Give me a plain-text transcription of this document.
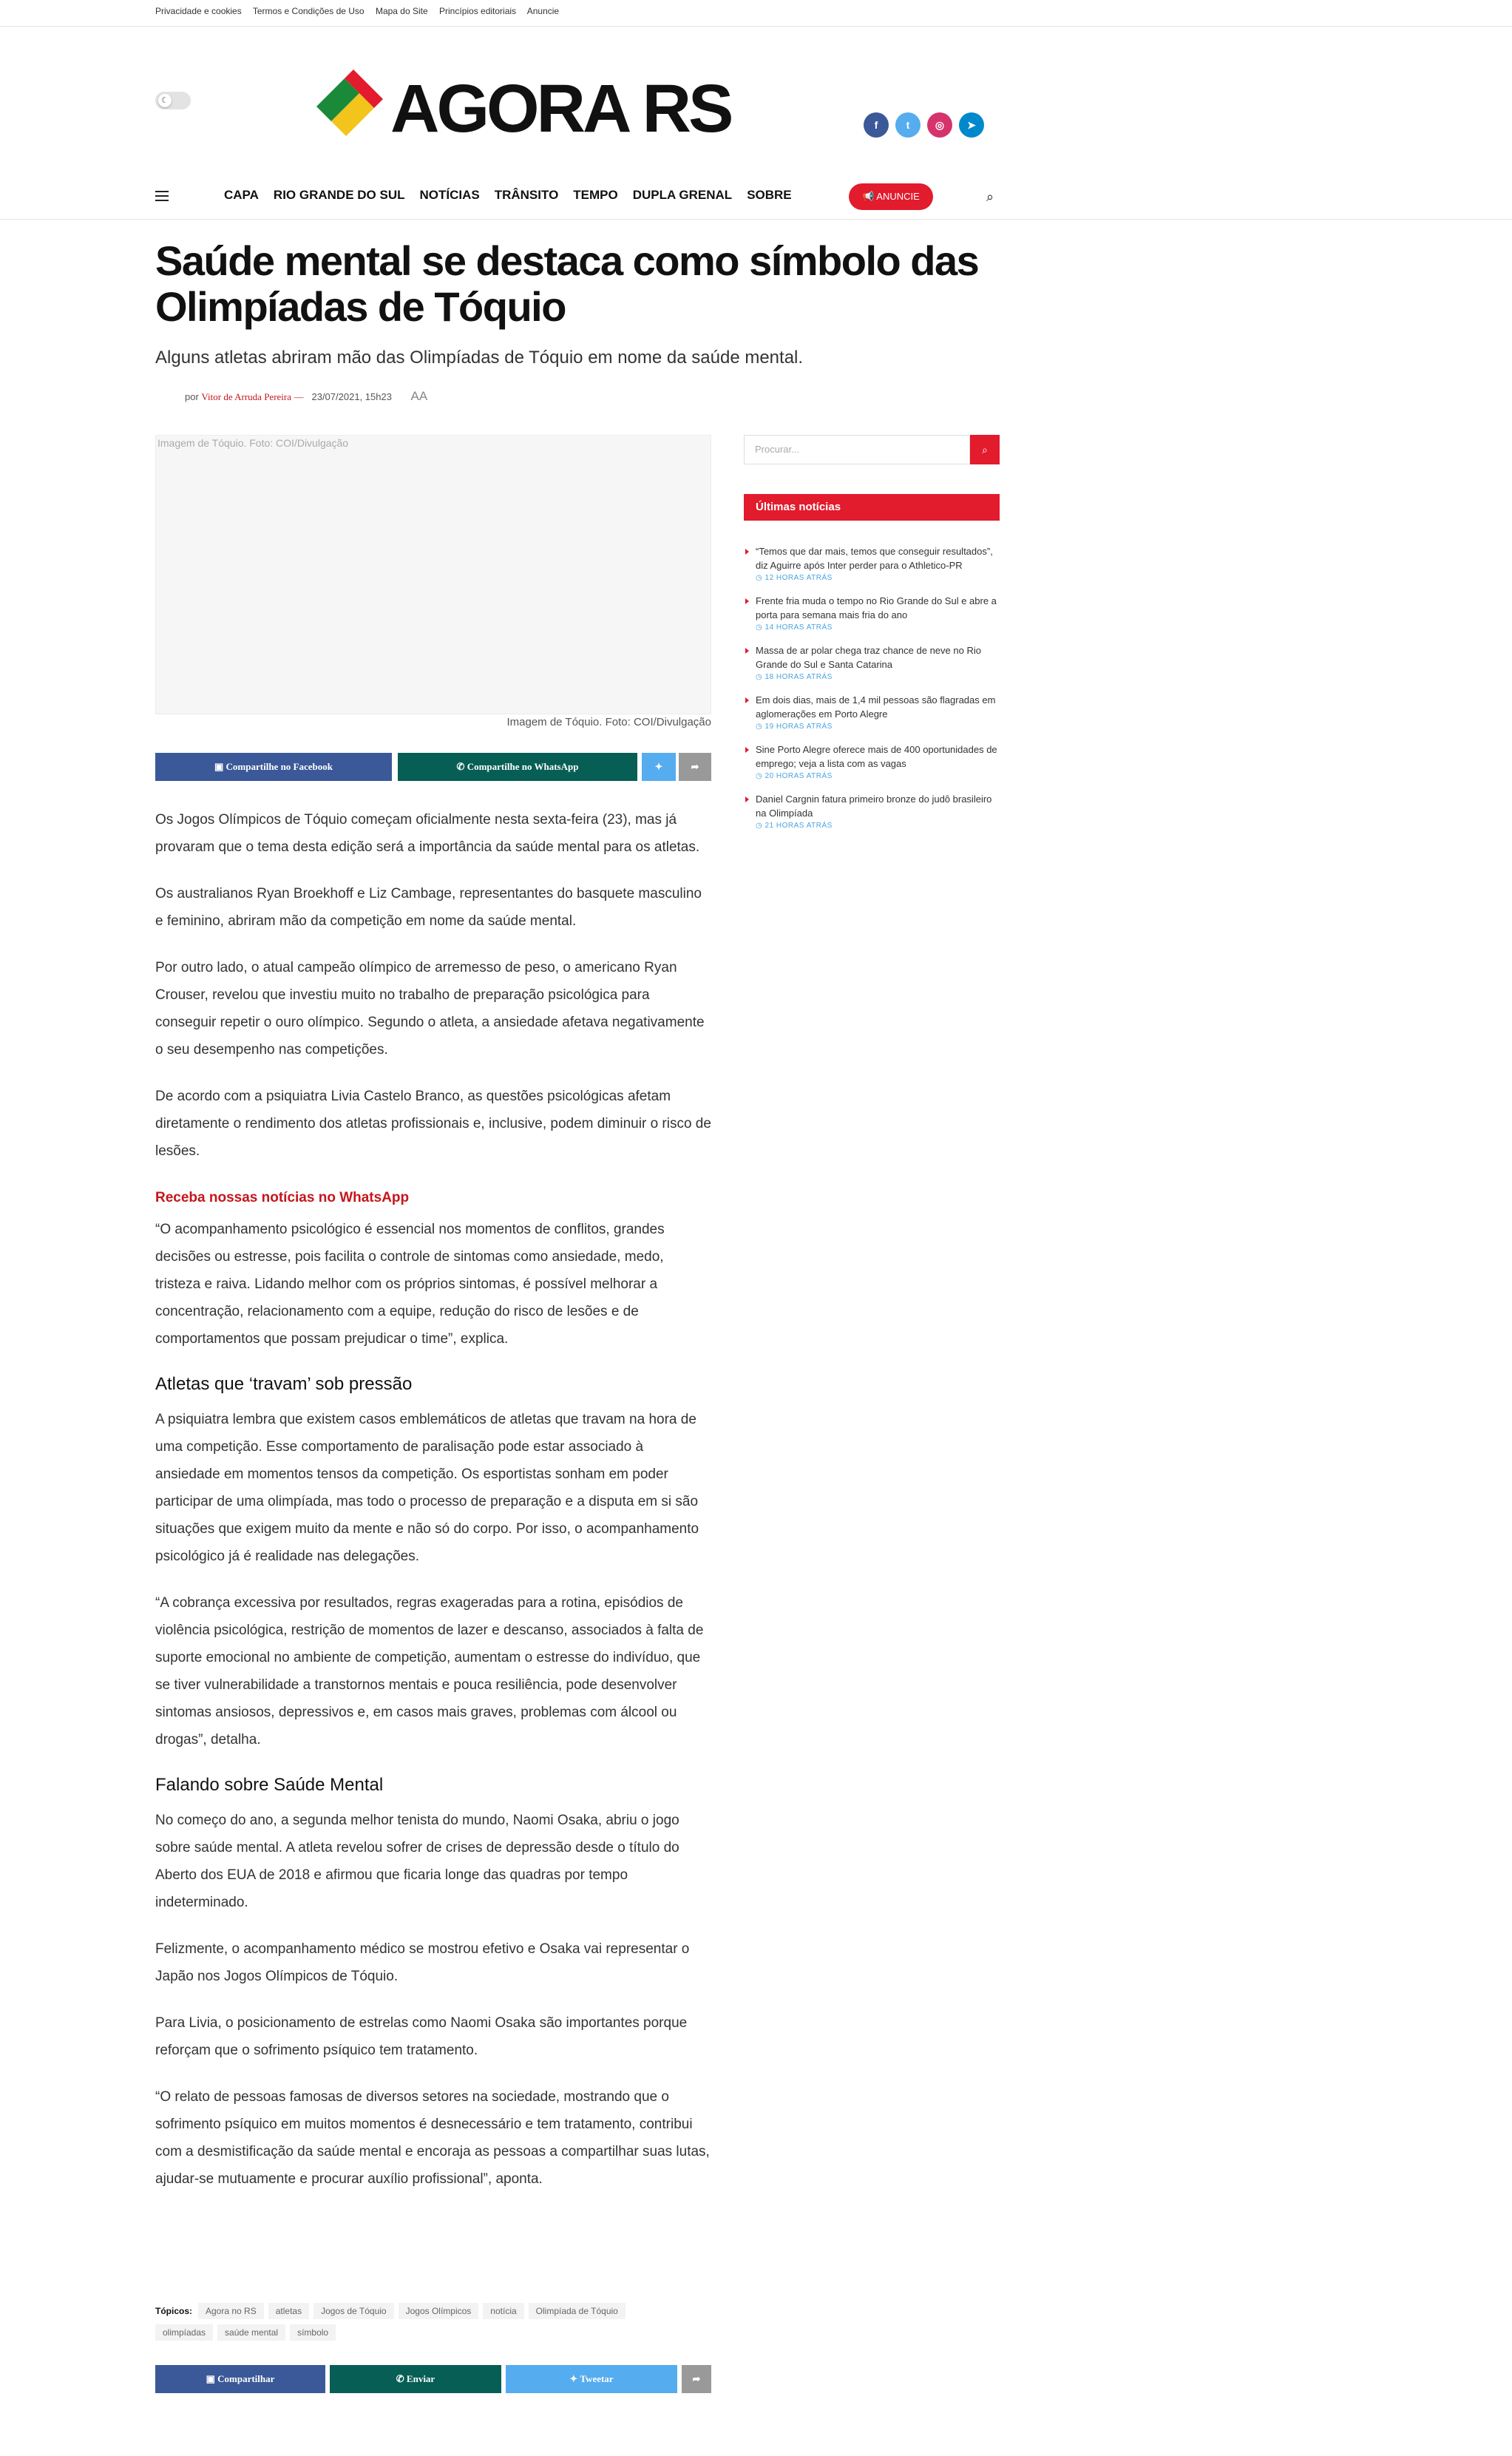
Privacidade e cookies Termos e Condições de Uso Mapa do Site Princípios editoriais Anuncie
☾	AGORA RS	f	t ◎ ➤
CAPA RIO GRANDE DO SUL NOTÍCIAS TRÂNSITO TEMPO DUPLA GRENAL SOBRE	📢 ANUNCIE	⌕
Saúde mental se destaca como símbolo das Olimpíadas de Tóquio
Alguns atletas abriram mão das Olimpíadas de Tóquio em nome da saúde mental.
por Vitor de Arruda Pereira — 23/07/2021, 15h23 AA
Imagem de Tóquio. Foto: COI/Divulgação
Imagem de Tóquio. Foto: COI/Divulgação
▣ Compartilhe no Facebook	✆ Compartilhe no WhatsApp	✦	➦

Os Jogos Olímpicos de Tóquio começam oficialmente nesta sexta-feira (23), mas já provaram que o tema desta edição será a importância da saúde mental para os atletas.

Os australianos Ryan Broekhoff e Liz Cambage, representantes do basquete masculino e feminino, abriram mão da competição em nome da saúde mental.

Por outro lado, o atual campeão olímpico de arremesso de peso, o americano Ryan Crouser, revelou que investiu muito no trabalho de preparação psicológica para conseguir repetir o ouro olímpico. Segundo o atleta, a ansiedade afetava negativamente o seu desempenho nas competições.

De acordo com a psiquiatra Livia Castelo Branco, as questões psicológicas afetam diretamente o rendimento dos atletas profissionais e, inclusive, podem diminuir o risco de lesões.

Receba nossas notícias no WhatsApp

“O acompanhamento psicológico é essencial nos momentos de conflitos, grandes decisões ou estresse, pois facilita o controle de sintomas como ansiedade, medo, tristeza e raiva. Lidando melhor com os próprios sintomas, é possível melhorar a concentração, relacionamento com a equipe, redução do risco de lesões e de comportamentos que possam prejudicar o time”, explica.

Atletas que ‘travam’ sob pressão

A psiquiatra lembra que existem casos emblemáticos de atletas que travam na hora de uma competição. Esse comportamento de paralisação pode estar associado à ansiedade em momentos tensos da competição. Os esportistas sonham em poder participar de uma olimpíada, mas todo o processo de preparação e a disputa em si são situações que exigem muito da mente e não só do corpo. Por isso, o acompanhamento psicológico já é realidade nas delegações.

“A cobrança excessiva por resultados, regras exageradas para a rotina, episódios de violência psicológica, restrição de momentos de lazer e descanso, associados à falta de suporte emocional no ambiente de competição, aumentam o estresse do indivíduo, que se tiver vulnerabilidade a transtornos mentais e pouca resiliência, pode desenvolver sintomas ansiosos, depressivos e, em casos mais graves, problemas com álcool ou drogas”, detalha.

Falando sobre Saúde Mental

No começo do ano, a segunda melhor tenista do mundo, Naomi Osaka, abriu o jogo sobre saúde mental. A atleta revelou sofrer de crises de depressão desde o título do Aberto dos EUA de 2018 e afirmou que ficaria longe das quadras por tempo indeterminado.

Felizmente, o acompanhamento médico se mostrou efetivo e Osaka vai representar o Japão nos Jogos Olímpicos de Tóquio.

Para Livia, o posicionamento de estrelas como Naomi Osaka são importantes porque reforçam que o sofrimento psíquico tem tratamento.

“O relato de pessoas famosas de diversos setores na sociedade, mostrando que o sofrimento psíquico em muitos momentos é desnecessário e tem tratamento, contribui com a desmistificação da saúde mental e encoraja as pessoas a compartilhar suas lutas, ajudar-se mutuamente e procurar auxílio profissional”, aponta.

Tópicos: Agora no RS atletas Jogos de Tóquio Jogos Olímpicos notícia Olimpíada de Tóquio
olimpíadas saúde mental símbolo
▣ Compartilhar	✆ Enviar	✦ Tweetar	➦
Procurar...	⌕
Últimas notícias
“Temos que dar mais, temos que conseguir resultados”, diz Aguirre após Inter perder para o Athletico-PR
◷ 12 HORAS ATRÁS
Frente fria muda o tempo no Rio Grande do Sul e abre a porta para semana mais fria do ano
◷ 14 HORAS ATRÁS
Massa de ar polar chega traz chance de neve no Rio Grande do Sul e Santa Catarina
◷ 18 HORAS ATRÁS
Em dois dias, mais de 1,4 mil pessoas são flagradas em aglomerações em Porto Alegre
◷ 19 HORAS ATRÁS
Sine Porto Alegre oferece mais de 400 oportunidades de emprego; veja a lista com as vagas
◷ 20 HORAS ATRÁS
Daniel Cargnin fatura primeiro bronze do judô brasileiro na Olimpíada
◷ 21 HORAS ATRÁS
